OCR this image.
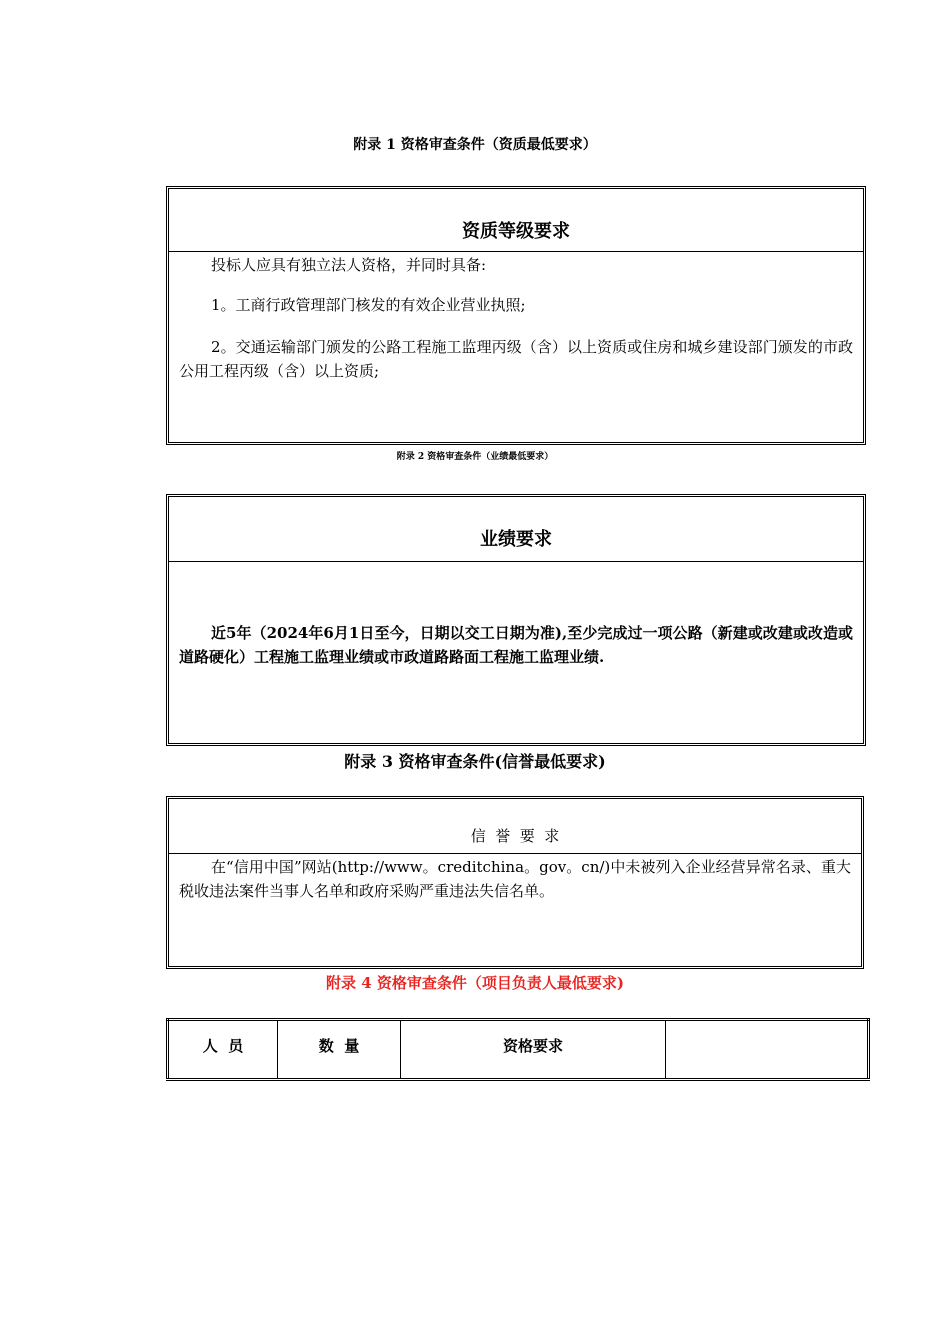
附录 1 资格审查条件（资质最低要求）
资质等级要求
投标人应具有独立法人资格，并同时具备:
1。工商行政管理部门核发的有效企业营业执照;
2。交通运输部门颁发的公路工程施工监理丙级（含）以上资质或住房和城乡建设部门颁发的市政公用工程丙级（含）以上资质;
附录 2 资格审查条件（业绩最低要求）
业绩要求
近5年（2024年6月1日至今，日期以交工日期为准),至少完成过一项公路（新建或改建或改造或道路硬化）工程施工监理业绩或市政道路路面工程施工监理业绩.
附录 3 资格审查条件(信誉最低要求)
信  誉  要  求
在“信用中国”网站(http://www。creditchina。gov。cn/)中未被列入企业经营异常名录、重大税收违法案件当事人名单和政府采购严重违法失信名单。
附录 4 资格审查条件（项目负责人最低要求)
人  员	数  量	资格要求	
